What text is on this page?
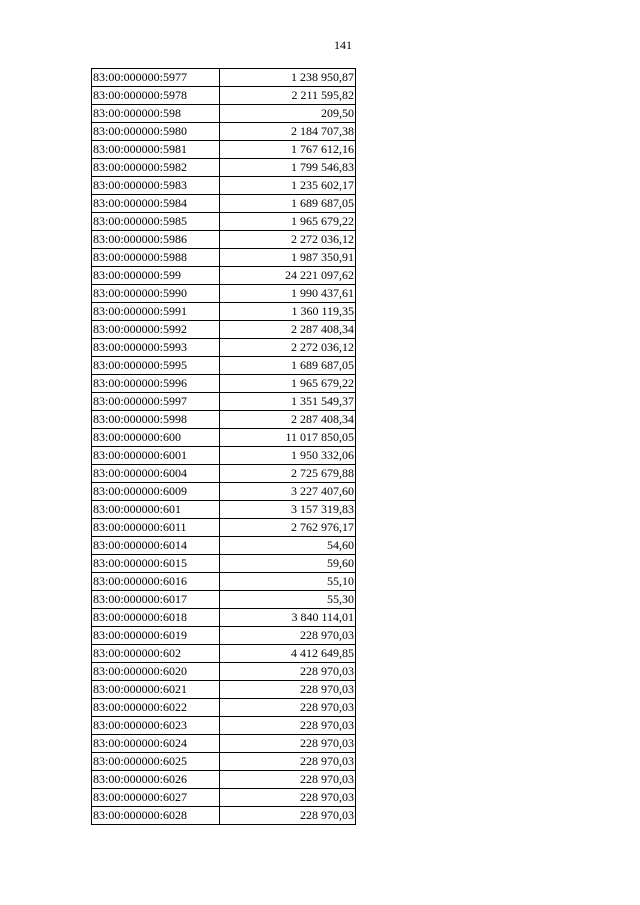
141
83:00:000000:5977	1 238 950,87
83:00:000000:5978	2 211 595,82
83:00:000000:598	209,50
83:00:000000:5980	2 184 707,38
83:00:000000:5981	1 767 612,16
83:00:000000:5982	1 799 546,83
83:00:000000:5983	1 235 602,17
83:00:000000:5984	1 689 687,05
83:00:000000:5985	1 965 679,22
83:00:000000:5986	2 272 036,12
83:00:000000:5988	1 987 350,91
83:00:000000:599	24 221 097,62
83:00:000000:5990	1 990 437,61
83:00:000000:5991	1 360 119,35
83:00:000000:5992	2 287 408,34
83:00:000000:5993	2 272 036,12
83:00:000000:5995	1 689 687,05
83:00:000000:5996	1 965 679,22
83:00:000000:5997	1 351 549,37
83:00:000000:5998	2 287 408,34
83:00:000000:600	11 017 850,05
83:00:000000:6001	1 950 332,06
83:00:000000:6004	2 725 679,88
83:00:000000:6009	3 227 407,60
83:00:000000:601	3 157 319,83
83:00:000000:6011	2 762 976,17
83:00:000000:6014	54,60
83:00:000000:6015	59,60
83:00:000000:6016	55,10
83:00:000000:6017	55,30
83:00:000000:6018	3 840 114,01
83:00:000000:6019	228 970,03
83:00:000000:602	4 412 649,85
83:00:000000:6020	228 970,03
83:00:000000:6021	228 970,03
83:00:000000:6022	228 970,03
83:00:000000:6023	228 970,03
83:00:000000:6024	228 970,03
83:00:000000:6025	228 970,03
83:00:000000:6026	228 970,03
83:00:000000:6027	228 970,03
83:00:000000:6028	228 970,03
